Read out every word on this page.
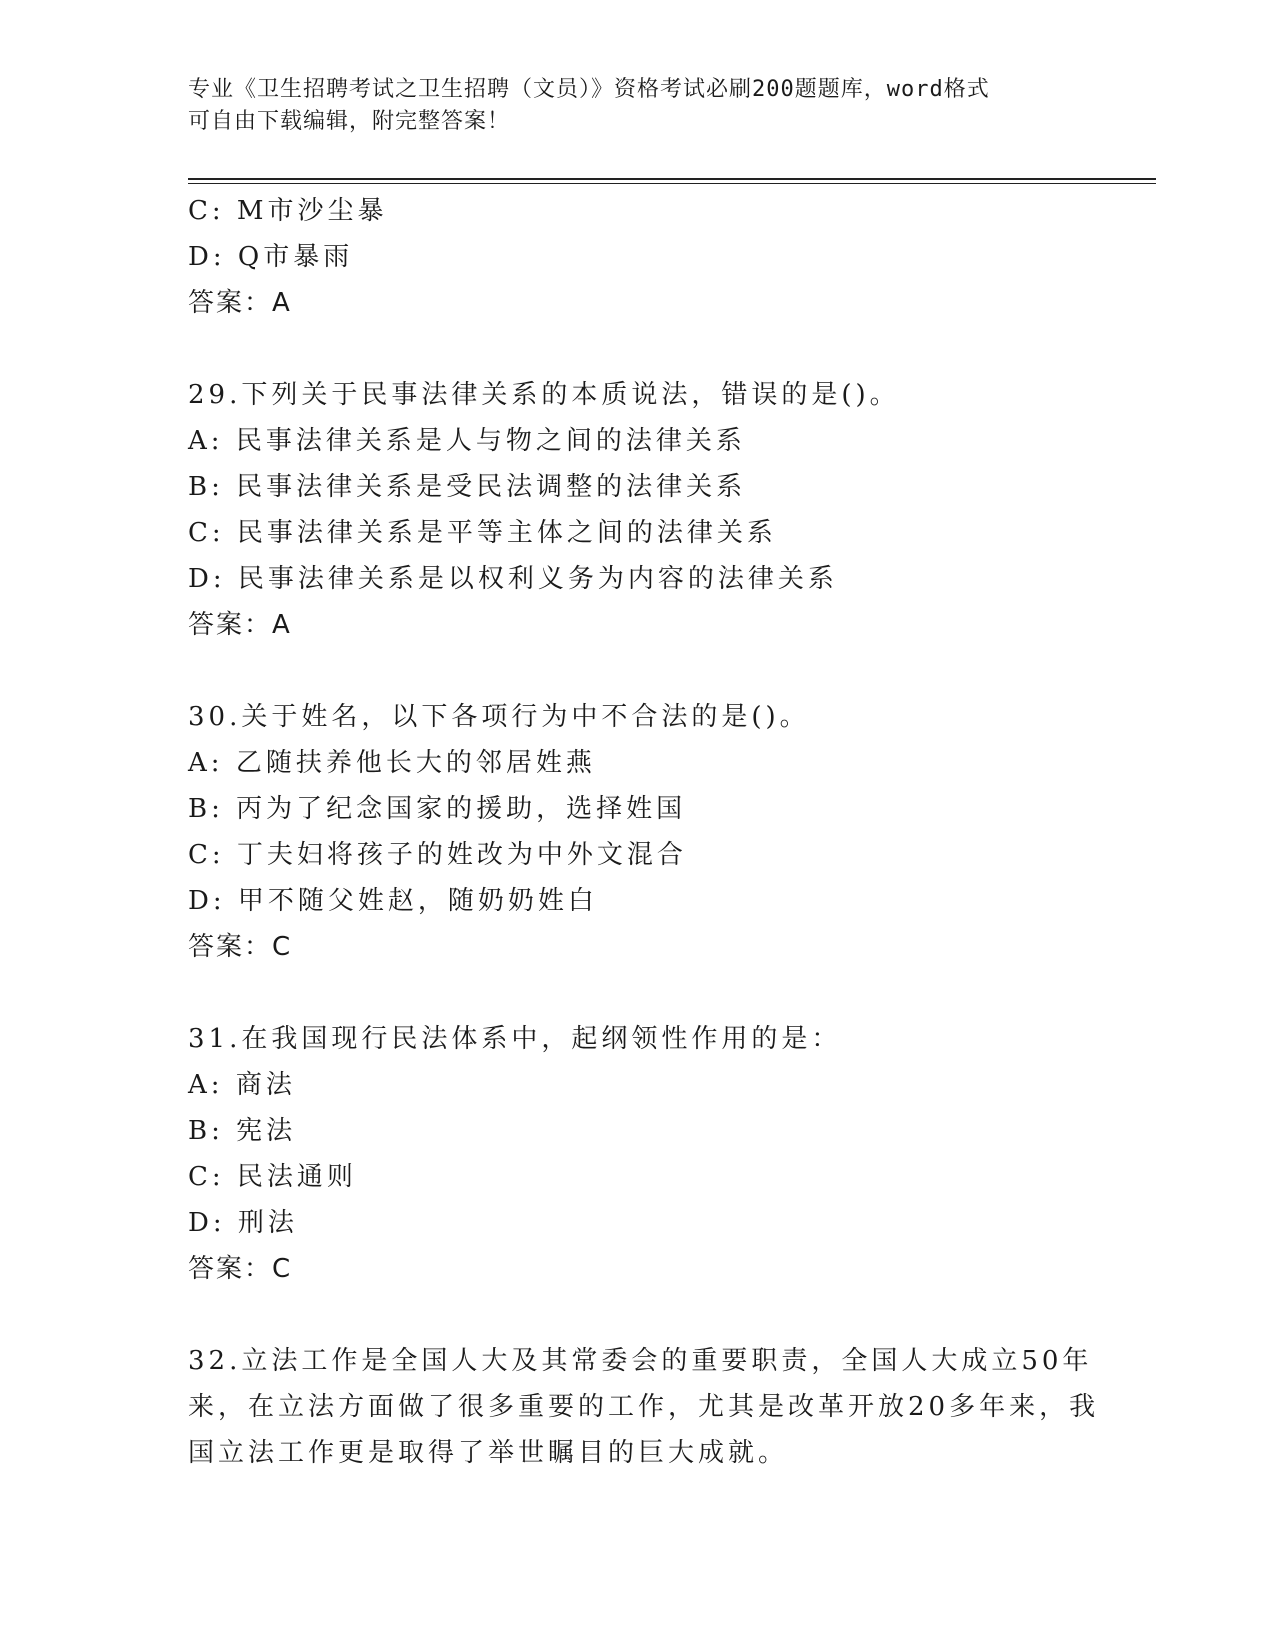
专业《卫生招聘考试之卫生招聘（文员）》资格考试必刷200题题库，word格式
可自由下载编辑，附完整答案！
C: M市沙尘暴
D: Q市暴雨
答案：A
29.下列关于民事法律关系的本质说法，错误的是()。
A: 民事法律关系是人与物之间的法律关系
B: 民事法律关系是受民法调整的法律关系
C: 民事法律关系是平等主体之间的法律关系
D: 民事法律关系是以权利义务为内容的法律关系
答案：A
30.关于姓名，以下各项行为中不合法的是()。
A: 乙随扶养他长大的邻居姓燕
B: 丙为了纪念国家的援助，选择姓国
C: 丁夫妇将孩子的姓改为中外文混合
D: 甲不随父姓赵，随奶奶姓白
答案：C
31.在我国现行民法体系中，起纲领性作用的是：
A: 商法
B: 宪法
C: 民法通则
D: 刑法
答案：C
32.立法工作是全国人大及其常委会的重要职责，全国人大成立50年
来，在立法方面做了很多重要的工作，尤其是改革开放20多年来，我
国立法工作更是取得了举世瞩目的巨大成就。
